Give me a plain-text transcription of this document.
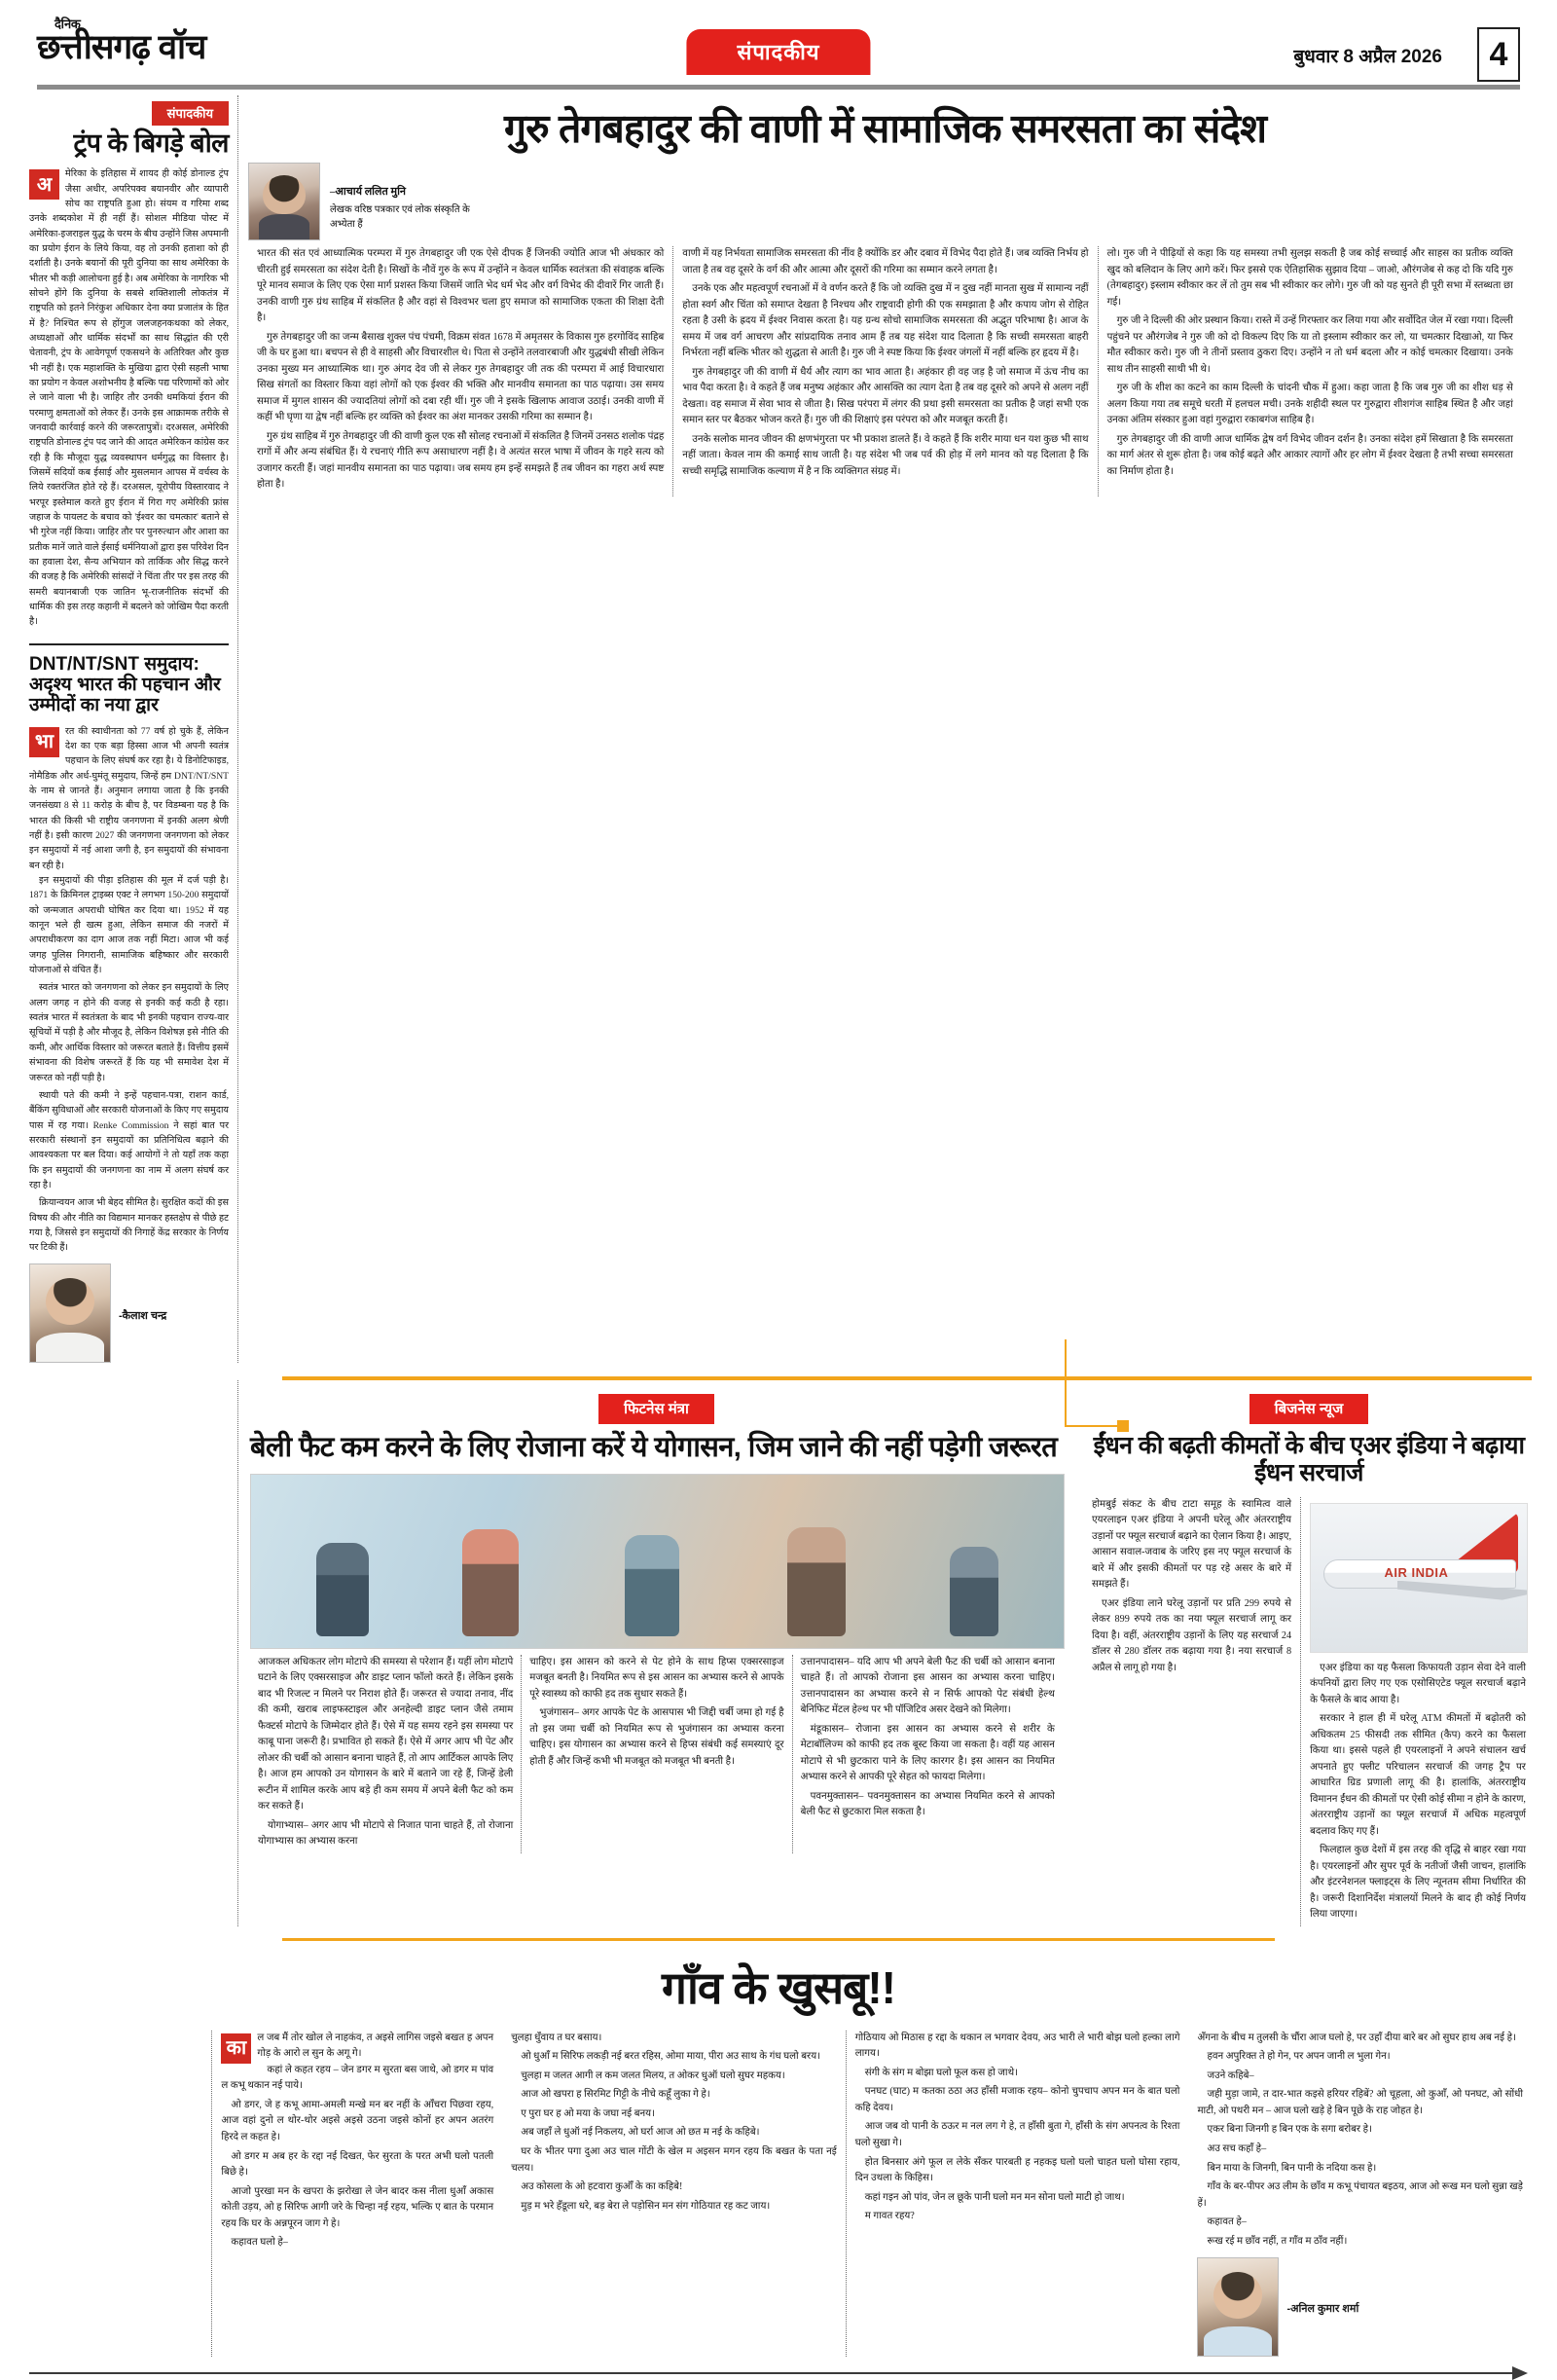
दैनिक
छत्तीसगढ़ वॉच	संपादकीय	बुधवार 8 अप्रैल 2026	4
संपादकीय
ट्रंप के बिगड़े बोल
अ	मेरिका के इतिहास में शायद ही कोई डोनाल्ड ट्रंप जैसा अधीर, अपरिपक्व बयानवीर और व्यापारी सोच का राष्ट्रपति हुआ हो। संयम व गरिमा शब्द उनके शब्दकोश में ही नहीं हैं। सोशल मीडिया पोस्ट में अमेरिका-इजराइल युद्ध के चरम के बीच उन्होंने जिस अपमानी का प्रयोग ईरान के लिये किया, वह तो उनकी हताशा को ही दर्शाती है। उनके बयानों की पूरी दुनिया का साथ अमेरिका के भीतर भी कड़ी आलोचना हुई है। अब अमेरिका के नागरिक भी सोचने होंगे कि दुनिया के सबसे शक्तिशाली लोकतंत्र में राष्ट्रपति को इतने निरंकुश अधिकार देना क्या प्रजातंत्र के हित में है? निश्चित रूप से होंगुज जलजहनकथका को लेकर, अध्यक्षाओं और धार्मिक संदर्भों का साथ सिद्धांत की एरी चेतावनी, ट्रंप के आवेगपूर्ण एकसथने के अतिरिक्त और कुछ भी नहीं है। एक महाशक्ति के मुखिया द्वारा ऐसी सहली भाषा का प्रयोग न केवल अशोभनीय है बल्कि पद्य परिणामों को ओर ले जाने वाला भी है। जाहिर तौर उनकी धमकियां ईरान की परमाणु क्षमताओं को लेकर हैं। उनके इस आक्रामक तरीके से जनवादी कार्रवाई करने की जरूरतापुत्रों। दरअसल, अमेरिकी राष्ट्रपति डोनाल्ड ट्रंप पद जाने की आदत अमेरिकन कांग्रेस कर रही है कि मौजूदा युद्ध व्यवस्थापन धर्मगुद्ध का विस्तार है। जिसमें सदियों कब ईसाई और मुसलमान आपस में वर्चस्व के लिये रक्तरंजित होते रहे हैं। दरअसल, यूरोपीय विस्तारवाद ने भरपूर इस्तेमाल करते हुए ईरान में गिरा गए अमेरिकी फ्रांस जहाज के पायलट के बचाव को 'ईश्वर का चमत्कार' बताने से भी गुरेज नहीं किया। जाहिर तौर पर पुनरुत्थान और आशा का प्रतीक मानें जाते वाले ईसाई धर्मनियाओं द्वारा इस परिवेश दिन का हवाला देश, सैन्य अभियान को तार्किक और सिद्ध करने की वजह है कि अमेरिकी सांसदों ने चिंता तीर पर इस तरह की समरी बयानबाजी एक जातिन भू-राजनीतिक संदर्भों की धार्मिक की इस तरह कहानी में बदलने को जोखिम पैदा करती है।
DNT/NT/SNT समुदाय: अदृश्य भारत की पहचान और उम्मीदों का नया द्वार
भा	रत की स्वाधीनता को 77 वर्ष हो चुके हैं, लेकिन देश का एक बड़ा हिस्सा आज भी अपनी स्वतंत्र पहचान के लिए संघर्ष कर रहा है। ये डिनोटिफाइड, नोमैडिक और अर्ध-घुमंतू समुदाय, जिन्हें हम DNT/NT/SNT के नाम से जानते हैं। अनुमान लगाया जाता है कि इनकी जनसंख्या 8 से 11 करोड़ के बीच है, पर विडम्बना यह है कि भारत की किसी भी राष्ट्रीय जनगणना में इनकी अलग श्रेणी नहीं है। इसी कारण 2027 की जनगणना जनगणना को लेकर इन समुदायों में नई आशा जगी है, इन समुदायों की संभावना बन रही है।

इन समुदायों की पीड़ा इतिहास की मूल में दर्ज पड़ी है। 1871 के क्रिमिनल ट्राइब्स एक्ट ने लगभग 150-200 समुदायों को जन्मजात अपराधी घोषित कर दिया था। 1952 में यह कानून भले ही खत्म हुआ, लेकिन समाज की नजरों में अपराधीकरण का दाग आज तक नहीं मिटा। आज भी कई जगह पुलिस निगरानी, सामाजिक बहिष्कार और सरकारी योजनाओं से वंचित हैं।

स्वतंत्र भारत को जनगणना को लेकर इन समुदायों के लिए अलग जगह न होने की वजह से इनकी कई कठी है रहा। स्वतंत्र भारत में स्वतंत्रता के बाद भी इनकी पहचान राज्य-वार सूचियों में पड़ी है और मौजूद है, लेकिन विशेषज्ञ इसे नीति की कमी, और आर्थिक विस्तार को जरूरत बताते हैं। वित्तीय इसमें संभावना की विशेष जरूरतें हैं कि यह भी समावेश देश में जरूरत को नहीं पड़ी है।

स्थायी पते की कमी ने इन्हें पहचान-पत्रा, राशन कार्ड, बैंकिंग सुविधाओं और सरकारी योजनाओं के किए गए समुदाय पास में रह गया। Renke Commission ने सहां बात पर सरकारी संस्थानों इन समुदायों का प्रतिनिधित्व बढ़ाने की आवश्यकता पर बल दिया। कई आयोगों ने तो यहाँ तक कहा कि इन समुदायों की जनगणना का नाम में अलग संघर्ष कर रहा है।

क्रियान्वयन आज भी बेहद सीमित है। सुरक्षित कदों की इस विषय की और नीति का विद्यमान मानकर हस्तक्षेप से पीछे हट गया है, जिससे इन समुदायों की निगाहें केंद्र सरकार के निर्णय पर टिकी हैं।

-कैलाश चन्द्र
गुरु तेगबहादुर की वाणी में सामाजिक समरसता का संदेश
–आचार्य ललित मुनि
लेखक वरिष्ठ पत्रकार एवं लोक संस्कृति के अभ्येता हैं

भारत की संत एवं आध्यात्मिक परम्परा में गुरु तेगबहादुर जी एक ऐसे दीपक हैं जिनकी ज्योति आज भी अंधकार को चीरती हुई समरसता का संदेश देती है। सिखों के नौवें गुरु के रूप में उन्होंने न केवल धार्मिक स्वतंत्रता की संवाहक बल्कि पूरे मानव समाज के लिए एक ऐसा मार्ग प्रशस्त किया जिसमें जाति भेद धर्म भेद और वर्ग विभेद की दीवारें गिर जाती हैं। उनकी वाणी गुरु ग्रंथ साहिब में संकलित है और वहां से विश्वभर चला हुए समाज को सामाजिक एकता की शिक्षा देती है।

गुरु तेगबहादुर जी का जन्म बैसाख शुक्ल पंच पंचमी, विक्रम संवत 1678 में अमृतसर के विकास गुरु हरगोविंद साहिब जी के घर हुआ था। बचपन से ही वे साहसी और विचारशील थे। पिता से उन्होंने तलवारबाजी और युद्धबंधी सीखी लेकिन उनका मुख्य मन आध्यात्मिक था। गुरु अंगद देव जी से लेकर गुरु तेगबहादुर जी तक की परम्परा में आई विचारधारा सिख संगतों का विस्तार किया वहां लोगों को एक ईश्वर की भक्ति और मानवीय समानता का पाठ पढ़ाया। उस समय समाज में मुगल शासन की ज्यादतियां लोगों को दबा रही थीं। गुरु जी ने इसके खिलाफ आवाज उठाई। उनकी वाणी में कहीं भी घृणा या द्वेष नहीं बल्कि हर व्यक्ति को ईश्वर का अंश मानकर उसकी गरिमा का सम्मान है।

गुरु ग्रंथ साहिब में गुरु तेगबहादुर जी की वाणी कुल एक सौ सोलह रचनाओं में संकलित है जिनमें उनसठ शलोक पंद्रह रागों में और अन्य संबंधित हैं। ये रचनाएं गीति रूप असाधारण नहीं है। वे अत्यंत सरल भाषा में जीवन के गहरे सत्य को उजागर करती हैं। जहां मानवीय समानता का पाठ पढ़ाया। जब समय हम इन्हें समझते हैं तब जीवन का गहरा अर्थ स्पष्ट होता है।

वाणी में यह निर्भयता सामाजिक समरसता की नींव है क्योंकि डर और दबाव में विभेद पैदा होते हैं। जब व्यक्ति निर्भय हो जाता है तब वह दूसरे के वर्ग की और आत्मा और दूसरों की गरिमा का सम्मान करने लगता है।

उनके एक और महत्वपूर्ण रचनाओं में वे वर्णन करते हैं कि जो व्यक्ति दुख में न दुख नहीं मानता सुख में सामान्य नहीं होता स्वर्ग और चिंता को समाप्त देखता है निश्चय और राष्ट्रवादी होगी की एक समझाता है और कपाय जोग से रोहित रहता है उसी के ह्रदय में ईश्वर निवास करता है। यह ग्रन्थ सोचो सामाजिक समरसता की अद्भुत परिभाषा है। आज के समय में जब वर्ग आचरण और सांप्रदायिक तनाव आम हैं तब यह संदेश याद दिलाता है कि सच्ची समरसता बाहरी निर्भरता नहीं बल्कि भीतर को शुद्धता से आती है। गुरु जी ने स्पष्ट किया कि ईश्वर जंगलों में नहीं बल्कि हर हृदय में है।

गुरु तेगबहादुर जी की वाणी में धैर्य और त्याग का भाव आता है। अहंकार ही वह जड़ है जो समाज में ऊंच नीच का भाव पैदा करता है। वे कहते हैं जब मनुष्य अहंकार और आसक्ति का त्याग देता है तब वह दूसरे को अपने से अलग नहीं देखता। वह समाज में सेवा भाव से जीता है। सिख परंपरा में लंगर की प्रथा इसी समरसता का प्रतीक है जहां सभी एक समान स्तर पर बैठकर भोजन करते हैं। गुरु जी की शिक्षाएं इस परंपरा को और मजबूत करती हैं।

उनके सलोक मानव जीवन की क्षणभंगुरता पर भी प्रकाश डालते हैं। वे कहते हैं कि शरीर माया धन यश कुछ भी साथ नहीं जाता। केवल नाम की कमाई साथ जाती है। यह संदेश भी जब पर्व की होड़ में लगे मानव को यह दिलाता है कि सच्ची समृद्धि सामाजिक कल्याण में है न कि व्यक्तिगत संग्रह में।

लो। गुरु जी ने पीढ़ियों से कहा कि यह समस्या तभी सुलझ सकती है जब कोई सच्चाई और साहस का प्रतीक व्यक्ति खुद को बलिदान के लिए आगे करें। फिर इससे एक ऐतिहासिक सुझाव दिया – जाओ, औरंगजेब से कह दो कि यदि गुरु (तेगबहादुर) इस्लाम स्वीकार कर लें तो तुम सब भी स्वीकार कर लोगे। गुरु जी को यह सुनते ही पूरी सभा में स्तब्धता छा गई।

गुरु जी ने दिल्ली की ओर प्रस्थान किया। रास्ते में उन्हें गिरफ्तार कर लिया गया और सर्वोदित जेल में रखा गया। दिल्ली पहुंचने पर औरंगजेब ने गुरु जी को दो विकल्प दिए कि या तो इस्लाम स्वीकार कर लो, या चमत्कार दिखाओ, या फिर मौत स्वीकार करो। गुरु जी ने तीनों प्रस्ताव ठुकरा दिए। उन्होंने न तो धर्म बदला और न कोई चमत्कार दिखाया। उनके साथ तीन साहसी साथी भी थे।

गुरु जी के शीश का कटने का काम दिल्ली के चांदनी चौक में हुआ। कहा जाता है कि जब गुरु जी का शीश धड़ से अलग किया गया तब समूचे धरती में हलचल मची। उनके शहीदी स्थल पर गुरुद्वारा शीशगंज साहिब स्थित है और जहां उनका अंतिम संस्कार हुआ वहां गुरुद्वारा रकाबगंज साहिब है।

गुरु तेगबहादुर जी की वाणी आज धार्मिक द्वेष वर्ग विभेद जीवन दर्शन है। उनका संदेश हमें सिखाता है कि समरसता का मार्ग अंतर से शुरू होता है। जब कोई बढ़ते और आकार त्यागों और हर लोग में ईश्वर देखता है तभी सच्चा समरसता का निर्माण होता है।

फिटनेस मंत्रा
बेली फैट कम करने के लिए रोजाना करें ये योगासन, जिम जाने की नहीं पड़ेगी जरूरत

आजकल अधिकतर लोग मोटापे की समस्या से परेशान हैं। यहीं लोग मोटापे घटाने के लिए एक्सरसाइज और डाइट प्लान फॉलो करते हैं। लेकिन इसके बाद भी रिजल्ट न मिलने पर निराश होते हैं। जरूरत से ज्यादा तनाव, नींद की कमी, खराब लाइफस्टाइल और अनहेल्दी डाइट प्लान जैसे तमाम फैक्टर्स मोटापे के जिम्मेदार होते हैं। ऐसे में यह समय रहने इस समस्या पर काबू पाना जरूरी है। प्रभावित हो सकते हैं। ऐसे में अगर आप भी पेट और लोअर की चर्बी को आसान बनाना चाहते हैं, तो आप आर्टिकल आपके लिए है। आज हम आपको उन योगासन के बारे में बताने जा रहे हैं, जिन्हें डेली रूटीन में शामिल करके आप बड़े ही कम समय में अपने बेली फैट को कम कर सकते हैं।

योगाभ्यास– अगर आप भी मोटापे से निजात पाना चाहते हैं, तो रोजाना योगाभ्यास का अभ्यास करना

चाहिए। इस आसन को करने से पेट होने के साथ हिप्स एक्सरसाइज मजबूत बनती है। नियमित रूप से इस आसन का अभ्यास करने से आपके पूरे स्वास्थ्य को काफी हद तक सुधार सकते हैं।

भुजंगासन– अगर आपके पेट के आसपास भी जिद्दी चर्बी जमा हो गई है तो इस जमा चर्बी को नियमित रूप से भुजंगासन का अभ्यास करना चाहिए। इस योगासन का अभ्यास करने से हिप्स संबंधी कई समस्याएं दूर होती हैं और जिन्हें कभी भी मजबूत को मजबूत भी बनती है।

उत्तानपादासन– यदि आप भी अपने बेली फैट की चर्बी को आसान बनाना चाहते हैं। तो आपको रोजाना इस आसन का अभ्यास करना चाहिए। उत्तानपादासन का अभ्यास करने से न सिर्फ आपको पेट संबंधी हेल्थ बेनिफिट मेंटल हेल्थ पर भी पॉजिटिव असर देखने को मिलेगा।

मंडूकासन– रोजाना इस आसन का अभ्यास करने से शरीर के मेटाबॉलिज्म को काफी हद तक बूस्ट किया जा सकता है। वहीं यह आसन मोटापे से भी छुटकारा पाने के लिए कारगर है। इस आसन का नियमित अभ्यास करने से आपकी पूरे सेहत को फायदा मिलेगा।

पवनमुक्तासन– पवनमुक्तासन का अभ्यास नियमित करने से आपको बेली फैट से छुटकारा मिल सकता है।

बिजनेस न्यूज
ईंधन की बढ़ती कीमतों के बीच एअर इंडिया ने बढ़ाया ईंधन सरचार्ज

होमबुई संकट के बीच टाटा समूह के स्वामित्व वाले एयरलाइन एअर इंडिया ने अपनी घरेलू और अंतरराष्ट्रीय उड़ानों पर फ्यूल सरचार्ज बढ़ाने का ऐलान किया है। आइए, आसान सवाल-जवाब के जरिए इस नए फ्यूल सरचार्ज के बारे में और इसकी कीमतों पर पड़ रहे असर के बारे में समझते हैं।

एअर इंडिया लाने घरेलू उड़ानों पर प्रति 299 रुपये से लेकर 899 रुपये तक का नया फ्यूल सरचार्ज लागू कर दिया है। वहीं, अंतरराष्ट्रीय उड़ानों के लिए यह सरचार्ज 24 डॉलर से 280 डॉलर तक बढ़ाया गया है। नया सरचार्ज 8 अप्रैल से लागू हो गया है।

AIR INDIA

एअर इंडिया का यह फैसला किफायती उड़ान सेवा देने वाली कंपनियों द्वारा लिए गए एक एसोसिएटेड फ्यूल सरचार्ज बढ़ाने के फैसले के बाद आया है।

सरकार ने हाल ही में घरेलू ATM कीमतों में बढ़ोतरी को अधिकतम 25 फीसदी तक सीमित (कैप) करने का फैसला किया था। इससे पहले ही एयरलाइनों ने अपने संचालन खर्च अपनाते हुए फ्लीट परिचालन सरचार्ज की जगह ट्रैप पर आधारित ग्रिड प्रणाली लागू की है। हालांकि, अंतरराष्ट्रीय विमानन ईंधन की कीमतों पर ऐसी कोई सीमा न होने के कारण, अंतरराष्ट्रीय उड़ानों का फ्यूल सरचार्ज में अधिक महत्वपूर्ण बदलाव किए गए हैं।

फिलहाल कुछ देशों में इस तरह की वृद्धि से बाहर रखा गया है। एयरलाइनों और सुपर पूर्व के नतीजों जैसी जाचन, हालांकि और इंटरनेशनल फ्लाइट्स के लिए न्यूनतम सीमा निर्धारित की है। जरूरी दिशानिर्देश मंत्रालयों मिलने के बाद ही कोई निर्णय लिया जाएगा।

गाँव के खुसबू!!
का	ल जब मैं तोर खोल ले नाहकंव, त अइसे लागिस जइसे बखत ह अपन गोड़ के आरो ल सुन के अगू गे।

कहां ले कहत रहय – जेन डगर म सुरता बस जाथे, ओ डगर म पांव ल कभू थकान नई पाये।

ओ डगर, जे ह कभू आमा-अमली मन्खे मन बर नहीं के आँचरा पिछवा रहय, आज वहां दुनो ल थोर-थोर अइसे अइसे उठना जइसे कोनों हर अपन अतरंग हिरदे ल कहत हे।

ओ डगर म अब हर के रद्दा नई दिखत, फेर सुरता के परत अभी घलो पतली बिछे हे।

आजो पुरखा मन के खपरा के झरोखा ले जेन बादर कस नीला धुआँ अकास कोती उड़य, ओ ह सिरिफ आगी जरे के चिन्हा नई रहय, भल्कि ए बात के परमान रहय कि घर के अन्नपूरन जाग गे हे।

कहावत घलो हे–

चुलहा धुँवाय त घर बसाय।

ओ धुआँ म सिरिफ लकड़ी नई बरत रहिस, ओमा माया, पीरा अउ साथ के गंध घलो बरय।

चुलहा म जलत आगी ल कम जलत मिलय, त ओकर धुऑ घलो सुघर महकय।

आज ओ खपरा ह सिरमिट गिट्टी के नीचे कहूँ लुका गे हे।

ए पुरा घर ह ओ मया के जघा नई बनय।

अब जहाँ ले धुऑ नई निकलय, ओ घर्रा आज ओ छत म नई के कहिबे।

घर के भीतर पगा दुआ अउ चाल गोंटी के खेल म अइसन मगन रहय कि बखत के पता नई चलय।

अउ कोसला के ओ हटवारा कुऑँ के का कहिबे!

मुड़ म भरे हँडूला धरे, बड़ बेरा ले पड़ोसिन मन संग गोठियात रह कट जाय।

गोठियाय ओ मिठास ह रद्दा के थकान ल भगवार देवय, अउ भारी ले भारी बोझ घलो हल्का लागे लागय।

संगी के संग म बोझा घलो फूल कस हो जाथे।

पनघट (घाट) म कतका ठठा अउ हाँसी मजाक रहय– कोनो चुपचाप अपन मन के बात घलो कहि देवय।

आज जब वो पानी के ठऊर म नल लग गे हे, त हाँसी बुता गे, हाँसी के संग अपनत्व के रिश्ता घलो सुखा गे।

होत बिनसार अंगे फूल ल लेके सँकर पारबती ह नहकइ घलो घलो चाहत घलो घोसा रहाय, दिन उथला के किहिस।

कहां गइन ओ पांव, जेन ल छूके पानी घलो मन मन सोना घलो माटी हो जाथ।

म गावत रहय?

अँगना के बीच म तुलसी के चौंरा आज घलो हे, पर उहाँ दीया बारे बर ओ सुघर हाथ अब नई हे।

हवन अपुरिक्त ते हो गेन, पर अपन जानी ल भुला गेन।

जउने कहिबे–

जही मुड़ा जामे, त दार-भात कइसे हरियर रहिबें? ओ चूहला, ओ कुआँ, ओ पनघट, ओ सोंधी माटी, ओ पथरी मन – आज घलो खड़े हे बिन पूछे के राह जोहत हे।

एकर बिना जिनगी ह बिन एक के सगा बरोबर हे।

अउ सच कहाँ हे–

बिन माया के जिनगी, बिन पानी के नदिया कस हे।

गाँव के बर-पीपर अउ लीम के छाँव म कभू पंचायत बइठय, आज ओ रूख मन घलो सुन्ना खड़े हें।

कहावत हे–

रूख रई म छाँव नहीं, त गाँव म ठाँव नहीं।

-अनिल कुमार शर्मा
